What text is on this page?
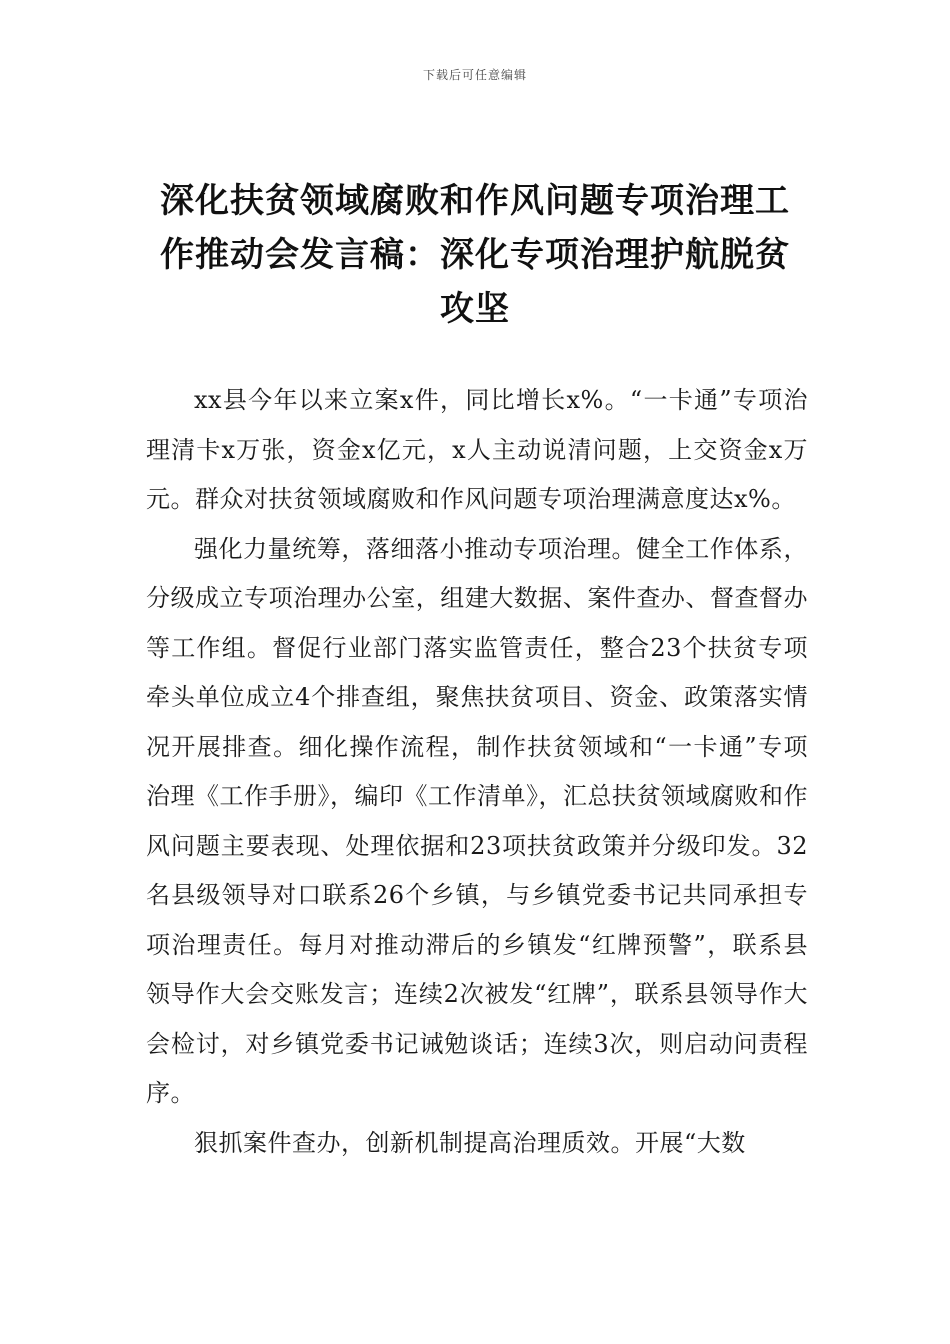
下载后可任意编辑
深化扶贫领域腐败和作风问题专项治理工作推动会发言稿：深化专项治理护航脱贫攻坚

xx县今年以来立案x件，同比增长x%。“一卡通”专项治理清卡x万张，资金x亿元，x人主动说清问题，上交资金x万元。群众对扶贫领域腐败和作风问题专项治理满意度达x%。

强化力量统筹，落细落小推动专项治理。健全工作体系，分级成立专项治理办公室，组建大数据、案件查办、督查督办等工作组。督促行业部门落实监管责任，整合23个扶贫专项牵头单位成立4个排查组，聚焦扶贫项目、资金、政策落实情况开展排查。细化操作流程，制作扶贫领域和“一卡通”专项治理《工作手册》，编印《工作清单》，汇总扶贫领域腐败和作风问题主要表现、处理依据和23项扶贫政策并分级印发。32名县级领导对口联系26个乡镇，与乡镇党委书记共同承担专项治理责任。每月对推动滞后的乡镇发“红牌预警”，联系县领导作大会交账发言；连续2次被发“红牌”，联系县领导作大会检讨，对乡镇党委书记诫勉谈话；连续3次，则启动问责程序。

狠抓案件查办，创新机制提高治理质效。开展“大数
